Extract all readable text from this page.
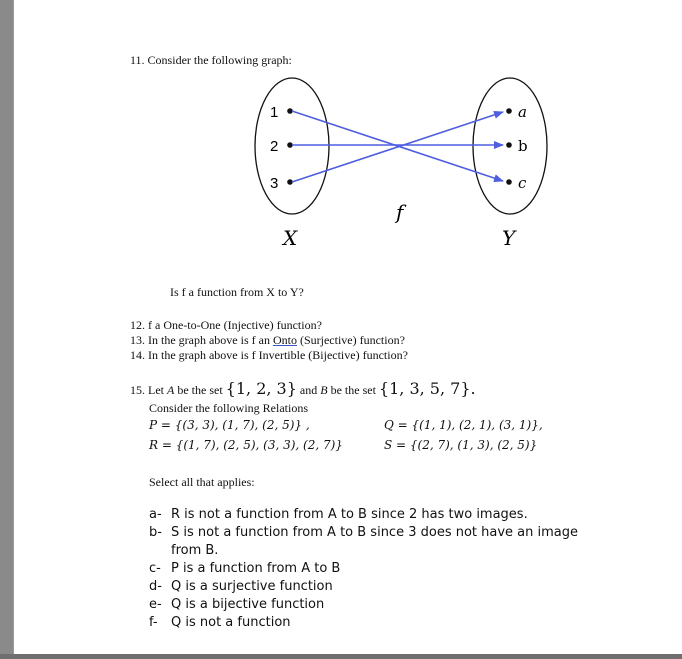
11. Consider the following graph:
1
2
3
a
b
c
f
X	Y
Is f a function from X to Y?
12. f a One-to-One (Injective) function?
13. In the graph above is f an Onto (Surjective) function?
14. In the graph above is f Invertible (Bijective) function?
15. Let A be the set {1, 2, 3} and B be the set {1, 3, 5, 7}.
Consider the following Relations
P = {(3, 3), (1, 7), (2, 5)} ,	Q = {(1, 1), (2, 1), (3, 1)},
R = {(1, 7), (2, 5), (3, 3), (2, 7)}	S = {(2, 7), (1, 3), (2, 5)}
Select all that applies:
a- R is not a function from A to B since 2 has two images.
b- S is not a function from A to B since 3 does not have an image
from B.
c- P is a function from A to B
d- Q is a surjective function
e- Q is a bijective function
f- Q is not a function
